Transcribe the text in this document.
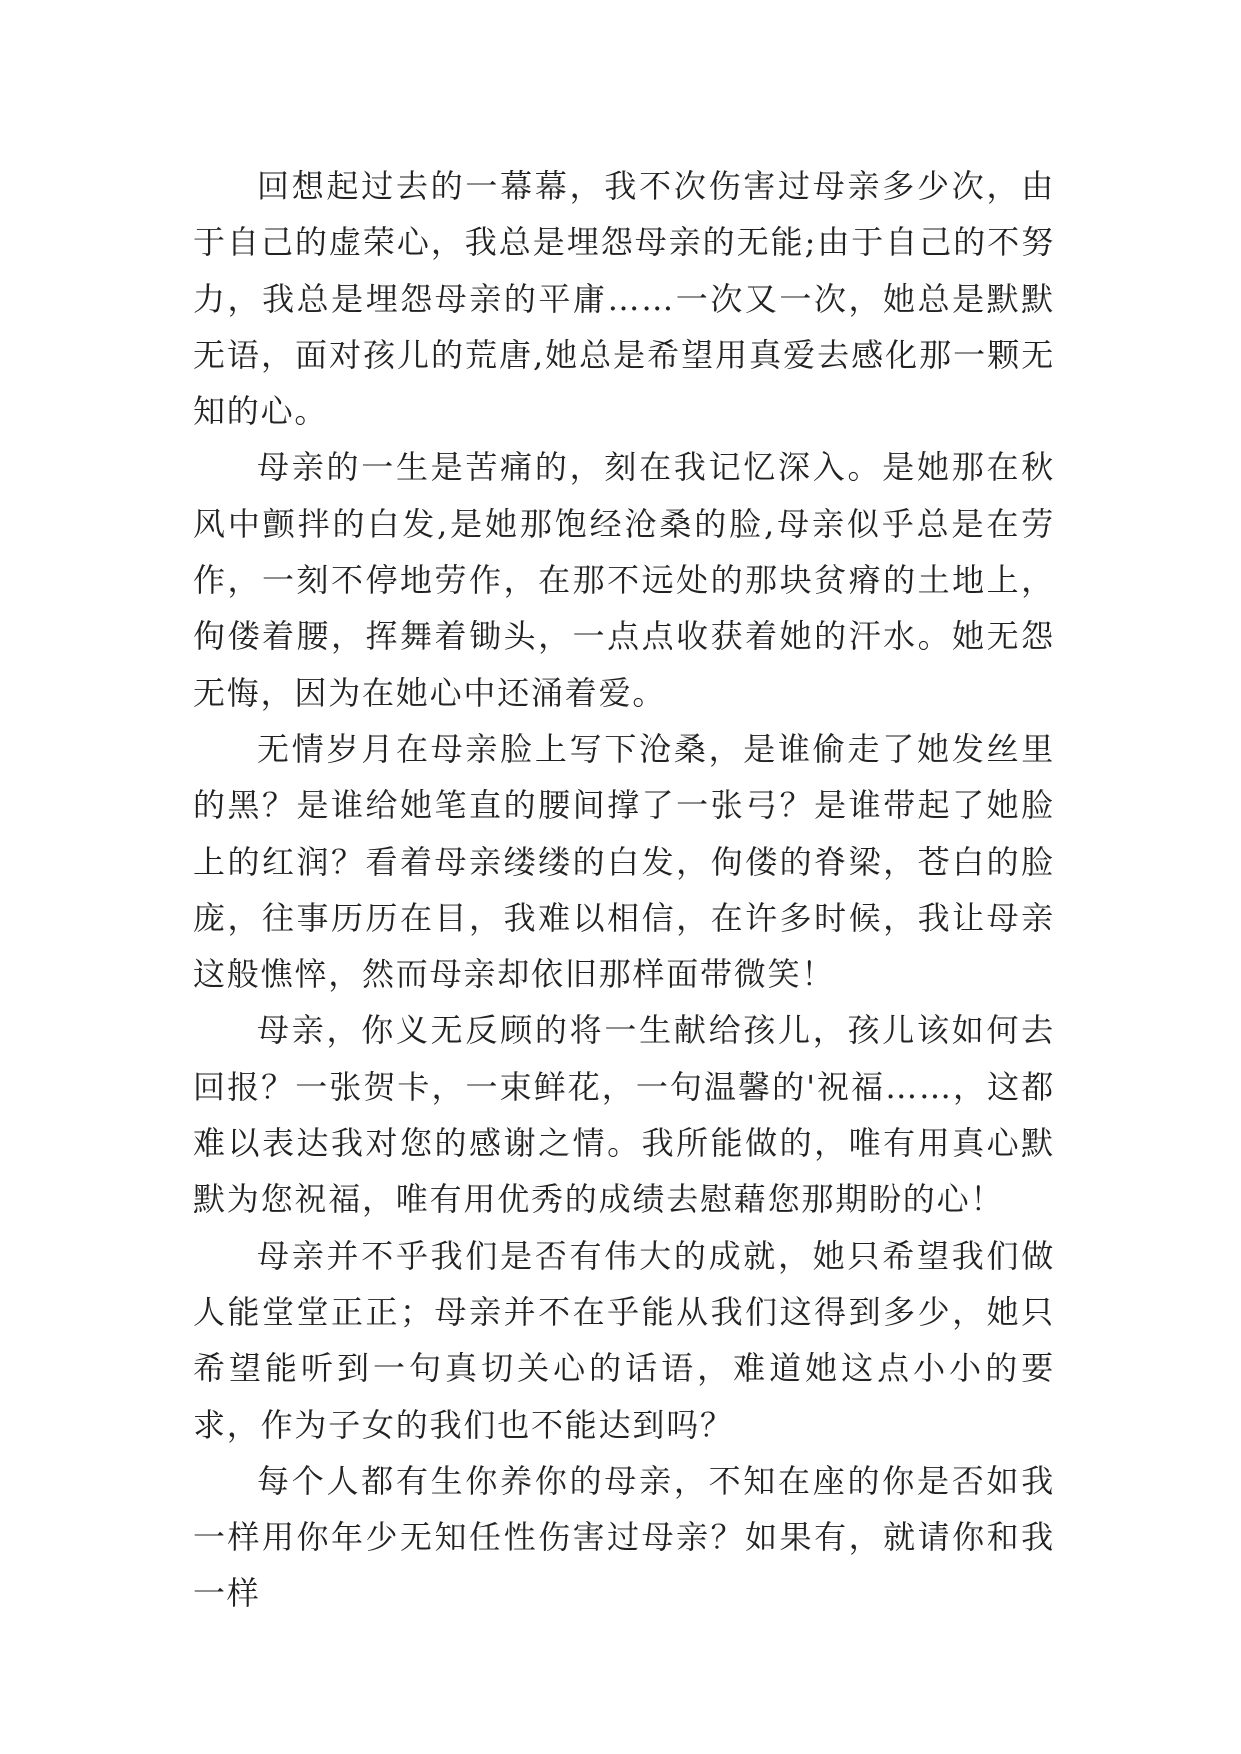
回想起过去的一幕幕，我不次伤害过母亲多少次，由于自己的虚荣心，我总是埋怨母亲的无能;由于自己的不努力，我总是埋怨母亲的平庸……一次又一次，她总是默默无语，面对孩儿的荒唐,她总是希望用真爱去感化那一颗无知的心。

母亲的一生是苦痛的，刻在我记忆深入。是她那在秋风中颤拌的白发,是她那饱经沧桑的脸,母亲似乎总是在劳作，一刻不停地劳作，在那不远处的那块贫瘠的土地上，佝偻着腰，挥舞着锄头，一点点收获着她的汗水。她无怨无悔，因为在她心中还涌着爱。

无情岁月在母亲脸上写下沧桑，是谁偷走了她发丝里的黑？是谁给她笔直的腰间撑了一张弓？是谁带起了她脸上的红润？看着母亲缕缕的白发，佝偻的脊梁，苍白的脸庞，往事历历在目，我难以相信，在许多时候，我让母亲这般憔悴，然而母亲却依旧那样面带微笑！

母亲，你义无反顾的将一生献给孩儿，孩儿该如何去回报？一张贺卡，一束鲜花，一句温馨的'祝福……，这都难以表达我对您的感谢之情。我所能做的，唯有用真心默默为您祝福，唯有用优秀的成绩去慰藉您那期盼的心！

母亲并不乎我们是否有伟大的成就，她只希望我们做人能堂堂正正；母亲并不在乎能从我们这得到多少，她只希望能听到一句真切关心的话语，难道她这点小小的要求，作为子女的我们也不能达到吗？

每个人都有生你养你的母亲，不知在座的你是否如我一样用你年少无知任性伤害过母亲？如果有，就请你和我一样
